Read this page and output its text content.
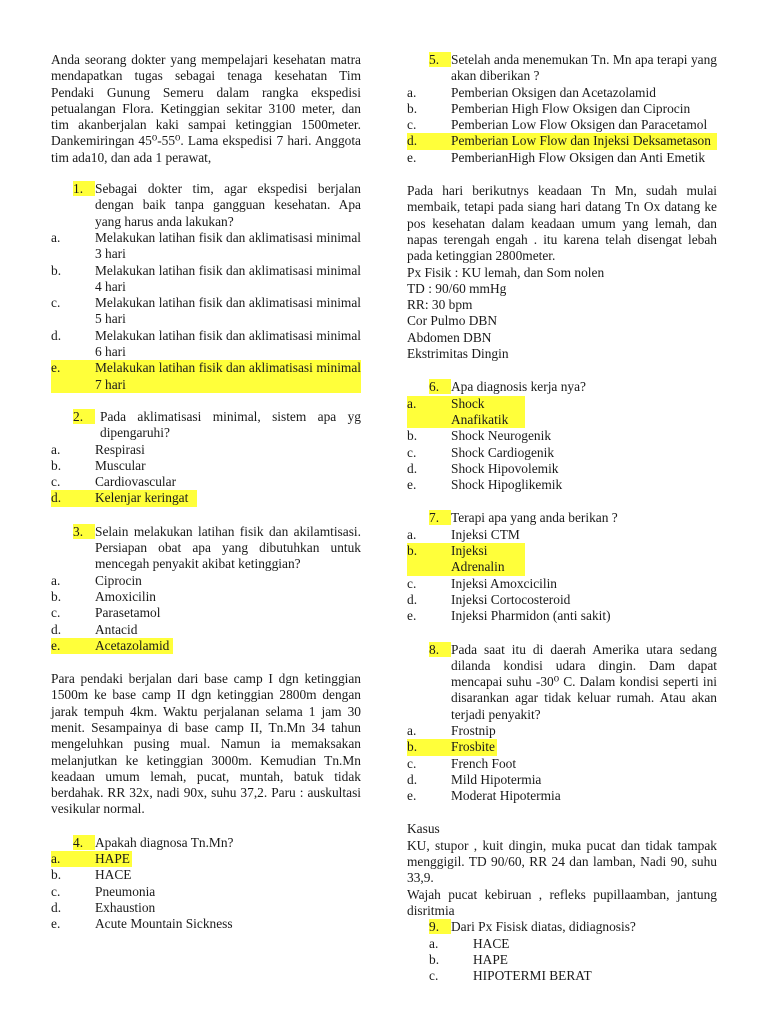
Anda seorang dokter yang mempelajari kesehatan matra mendapatkan tugas sebagai tenaga kesehatan Tim Pendaki Gunung Semeru dalam rangka ekspedisi petualangan Flora. Ketinggian sekitar 3100 meter, dan tim akanberjalan kaki sampai ketinggian 1500meter. Dankemiringan 45⁰-55⁰. Lama ekspedisi 7 hari. Anggota tim ada10, dan ada 1 perawat,

1. Sebagai dokter tim, agar ekspedisi berjalan dengan baik tanpa gangguan kesehatan. Apa yang harus anda lakukan?
a.	Melakukan latihan fisik dan aklimatisasi minimal 3 hari
b.	Melakukan latihan fisik dan aklimatisasi minimal 4 hari
c.	Melakukan latihan fisik dan aklimatisasi minimal 5 hari
d.	Melakukan latihan fisik dan aklimatisasi minimal 6 hari
e.	Melakukan latihan fisik dan aklimatisasi minimal 7 hari
2.	Pada aklimatisasi minimal, sistem apa yg dipengaruhi?
a.	Respirasi
b.	Muscular
c.	Cardiovascular
d.	Kelenjar keringat
3. Selain melakukan latihan fisik dan akilamtisasi. Persiapan obat apa yang dibutuhkan untuk mencegah penyakit akibat ketinggian?
a.	Ciprocin
b.	Amoxicilin
c.	Parasetamol
d.	Antacid
e.	Acetazolamid

Para pendaki berjalan dari base camp I dgn ketinggian 1500m ke base camp II dgn ketinggian 2800m dengan jarak tempuh 4km. Waktu perjalanan selama 1 jam 30 menit. Sesampainya di base camp II, Tn.Mn 34 tahun mengeluhkan pusing mual. Namun ia memaksakan melanjutkan ke ketinggian 3000m. Kemudian Tn.Mn keadaan umum lemah, pucat, muntah, batuk tidak berdahak. RR 32x, nadi 90x, suhu 37,2. Paru : auskultasi vesikular normal.

4. Apakah diagnosa Tn.Mn?
a.	HAPE
b.	HACE
c.	Pneumonia
d.	Exhaustion
e.	Acute Mountain Sickness
5. Setelah anda menemukan Tn. Mn apa terapi yang akan diberikan ?
a.	Pemberian Oksigen dan Acetazolamid
b.	Pemberian High Flow Oksigen dan Ciprocin
c.	Pemberian Low Flow Oksigen dan Paracetamol
d.	Pemberian Low Flow dan Injeksi Deksametason
e.	PemberianHigh Flow Oksigen dan Anti Emetik

Pada hari berikutnys keadaan Tn Mn, sudah mulai membaik, tetapi pada siang hari datang Tn Ox datang ke pos kesehatan dalam keadaan umum yang lemah, dan napas terengah engah . itu karena telah disengat lebah pada ketinggian 2800meter.

Px Fisik : KU lemah, dan Som nolen
TD : 90/60 mmHg
RR: 30 bpm
Cor Pulmo DBN
Abdomen DBN
Ekstrimitas Dingin
6. Apa diagnosis kerja nya?
a.	Shock Anafikatik
b.	Shock Neurogenik
c.	Shock Cardiogenik
d.	Shock Hipovolemik
e.	Shock Hipoglikemik
7. Terapi apa yang anda berikan ?
a.	Injeksi CTM
b.	Injeksi Adrenalin
c.	Injeksi Amoxcicilin
d.	Injeksi Cortocosteroid
e.	Injeksi Pharmidon (anti sakit)
8. Pada saat itu di daerah Amerika utara sedang dilanda kondisi udara dingin. Dam dapat mencapai suhu -30⁰ C. Dalam kondisi seperti ini disarankan agar tidak keluar rumah. Atau akan terjadi penyakit?
a.	Frostnip
b.	Frosbite
c.	French Foot
d.	Mild Hipotermia
e.	Moderat Hipotermia
Kasus

KU, stupor , kuit dingin, muka pucat dan tidak tampak menggigil. TD 90/60, RR 24 dan lamban, Nadi 90, suhu 33,9.

Wajah pucat kebiruan , refleks pupillaamban, jantung disritmia

9. Dari Px Fisisk diatas, didiagnosis?
a.	HACE
b.	HAPE
c.	HIPOTERMI BERAT
